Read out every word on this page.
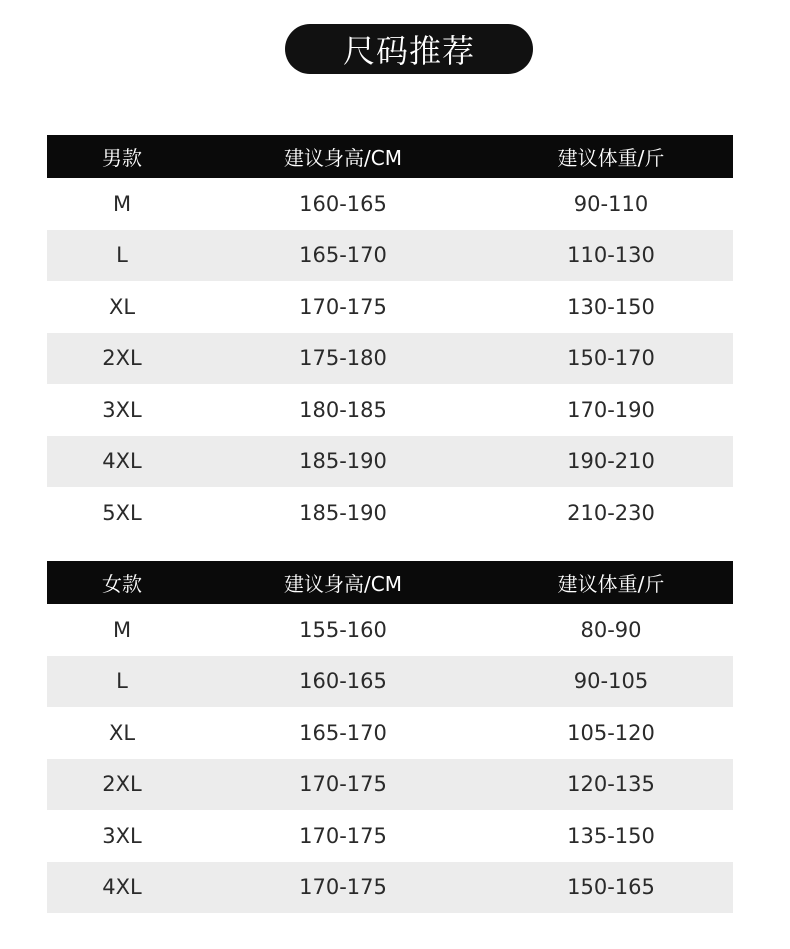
尺码推荐
男款	建议身高/CM	建议体重/斤
M	160-165	90-110
L	165-170	110-130
XL	170-175	130-150
2XL	175-180	150-170
3XL	180-185	170-190
4XL	185-190	190-210
5XL	185-190	210-230
女款	建议身高/CM	建议体重/斤
M	155-160	80-90
L	160-165	90-105
XL	165-170	105-120
2XL	170-175	120-135
3XL	170-175	135-150
4XL	170-175	150-165
